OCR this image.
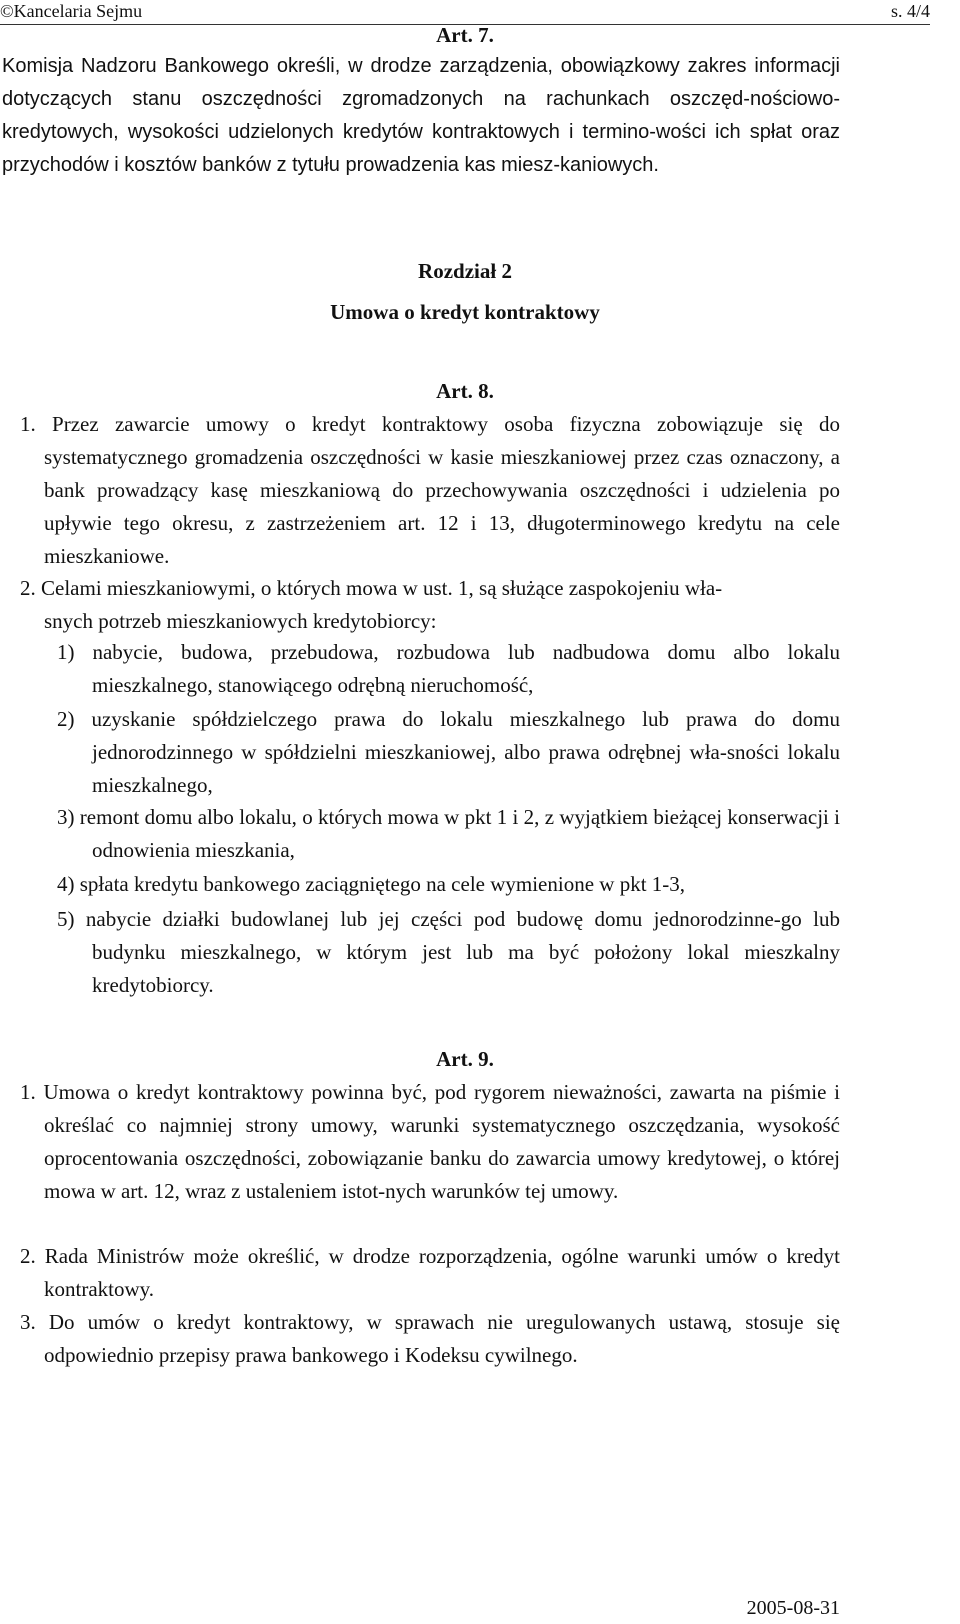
©Kancelaria Sejmu	s. 4/4
Art. 7.
Komisja Nadzoru Bankowego określi, w drodze zarządzenia, obowiązkowy zakres informacji dotyczących stanu oszczędności zgromadzonych na rachunkach oszczęd-nościowo-kredytowych, wysokości udzielonych kredytów kontraktowych i termino-wości ich spłat oraz przychodów i kosztów banków z tytułu prowadzenia kas miesz-kaniowych.
Rozdział 2
Umowa o kredyt kontraktowy
Art. 8.
1. Przez zawarcie umowy o kredyt kontraktowy osoba fizyczna zobowiązuje się do systematycznego gromadzenia oszczędności w kasie mieszkaniowej przez czas oznaczony, a bank prowadzący kasę mieszkaniową do przechowywania oszczędności i udzielenia po upływie tego okresu, z zastrzeżeniem art. 12 i 13, długoterminowego kredytu na cele mieszkaniowe.
2. Celami mieszkaniowymi, o których mowa w ust. 1, są służące zaspokojeniu wła-
snych potrzeb mieszkaniowych kredytobiorcy:
1) nabycie, budowa, przebudowa, rozbudowa lub nadbudowa domu albo lokalu mieszkalnego, stanowiącego odrębną nieruchomość,
2) uzyskanie spółdzielczego prawa do lokalu mieszkalnego lub prawa do domu jednorodzinnego w spółdzielni mieszkaniowej, albo prawa odrębnej wła-sności lokalu mieszkalnego,
3) remont domu albo lokalu, o których mowa w pkt 1 i 2, z wyjątkiem bieżącej konserwacji i odnowienia mieszkania,
4) spłata kredytu bankowego zaciągniętego na cele wymienione w pkt 1-3,
5) nabycie działki budowlanej lub jej części pod budowę domu jednorodzinne-go lub budynku mieszkalnego, w którym jest lub ma być położony lokal mieszkalny kredytobiorcy.
Art. 9.
1. Umowa o kredyt kontraktowy powinna być, pod rygorem nieważności, zawarta na piśmie i określać co najmniej strony umowy, warunki systematycznego oszczędzania, wysokość oprocentowania oszczędności, zobowiązanie banku do zawarcia umowy kredytowej, o której mowa w art. 12, wraz z ustaleniem istot-nych warunków tej umowy.
2. Rada Ministrów może określić, w drodze rozporządzenia, ogólne warunki umów o kredyt kontraktowy.
3. Do umów o kredyt kontraktowy, w sprawach nie uregulowanych ustawą, stosuje się odpowiednio przepisy prawa bankowego i Kodeksu cywilnego.
2005-08-31
